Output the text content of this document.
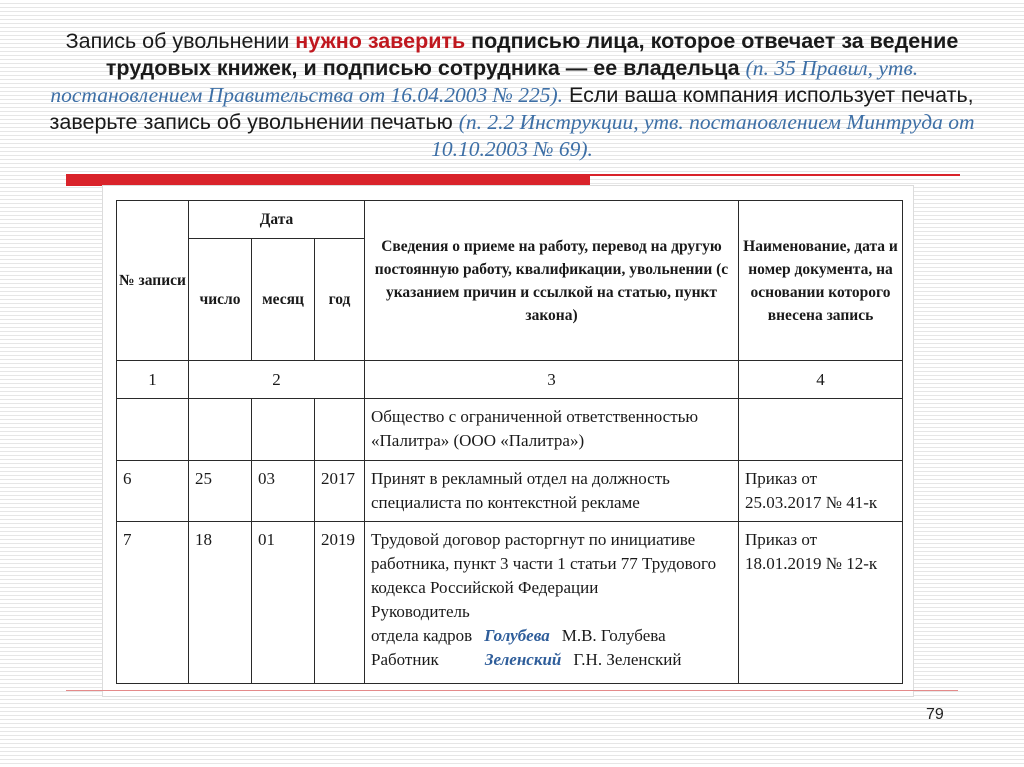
Запись об увольнении нужно заверить подписью лица, которое отвечает за ведение трудовых книжек, и подписью сотрудника — ее владельца (п. 35 Правил, утв. постановлением Правительства от 16.04.2003 № 225). Если ваша компания использует печать, заверьте запись об увольнении печатью (п. 2.2 Инструкции, утв. постановлением Минтруда от 10.10.2003 № 69).
№ записи	Дата			Сведения о приеме на работу, перевод на другую постоянную работу, квалификации, увольнении (с указанием причин и ссылкой на статью, пункт закона)	Наименование, дата и номер документа, на основании которого внесена запись
	число	месяц	год		
1	2			3	4
				Общество с ограниченной ответственностью «Палитра» (ООО «Палитра»)	
6	25	03	2017	Принят в рекламный отдел на должность специалиста по контекстной рекламе	Приказ от 25.03.2017 № 41-к
7	18	01	2019	Трудовой договор расторгнут по инициативе работника, пункт 3 части 1 статьи 77 Трудового кодекса Российской Федерации
Руководитель
отдела кадров Голубева М.В. Голубева
Работник Зеленский Г.Н. Зеленский	Приказ от 18.01.2019 № 12-к
79
